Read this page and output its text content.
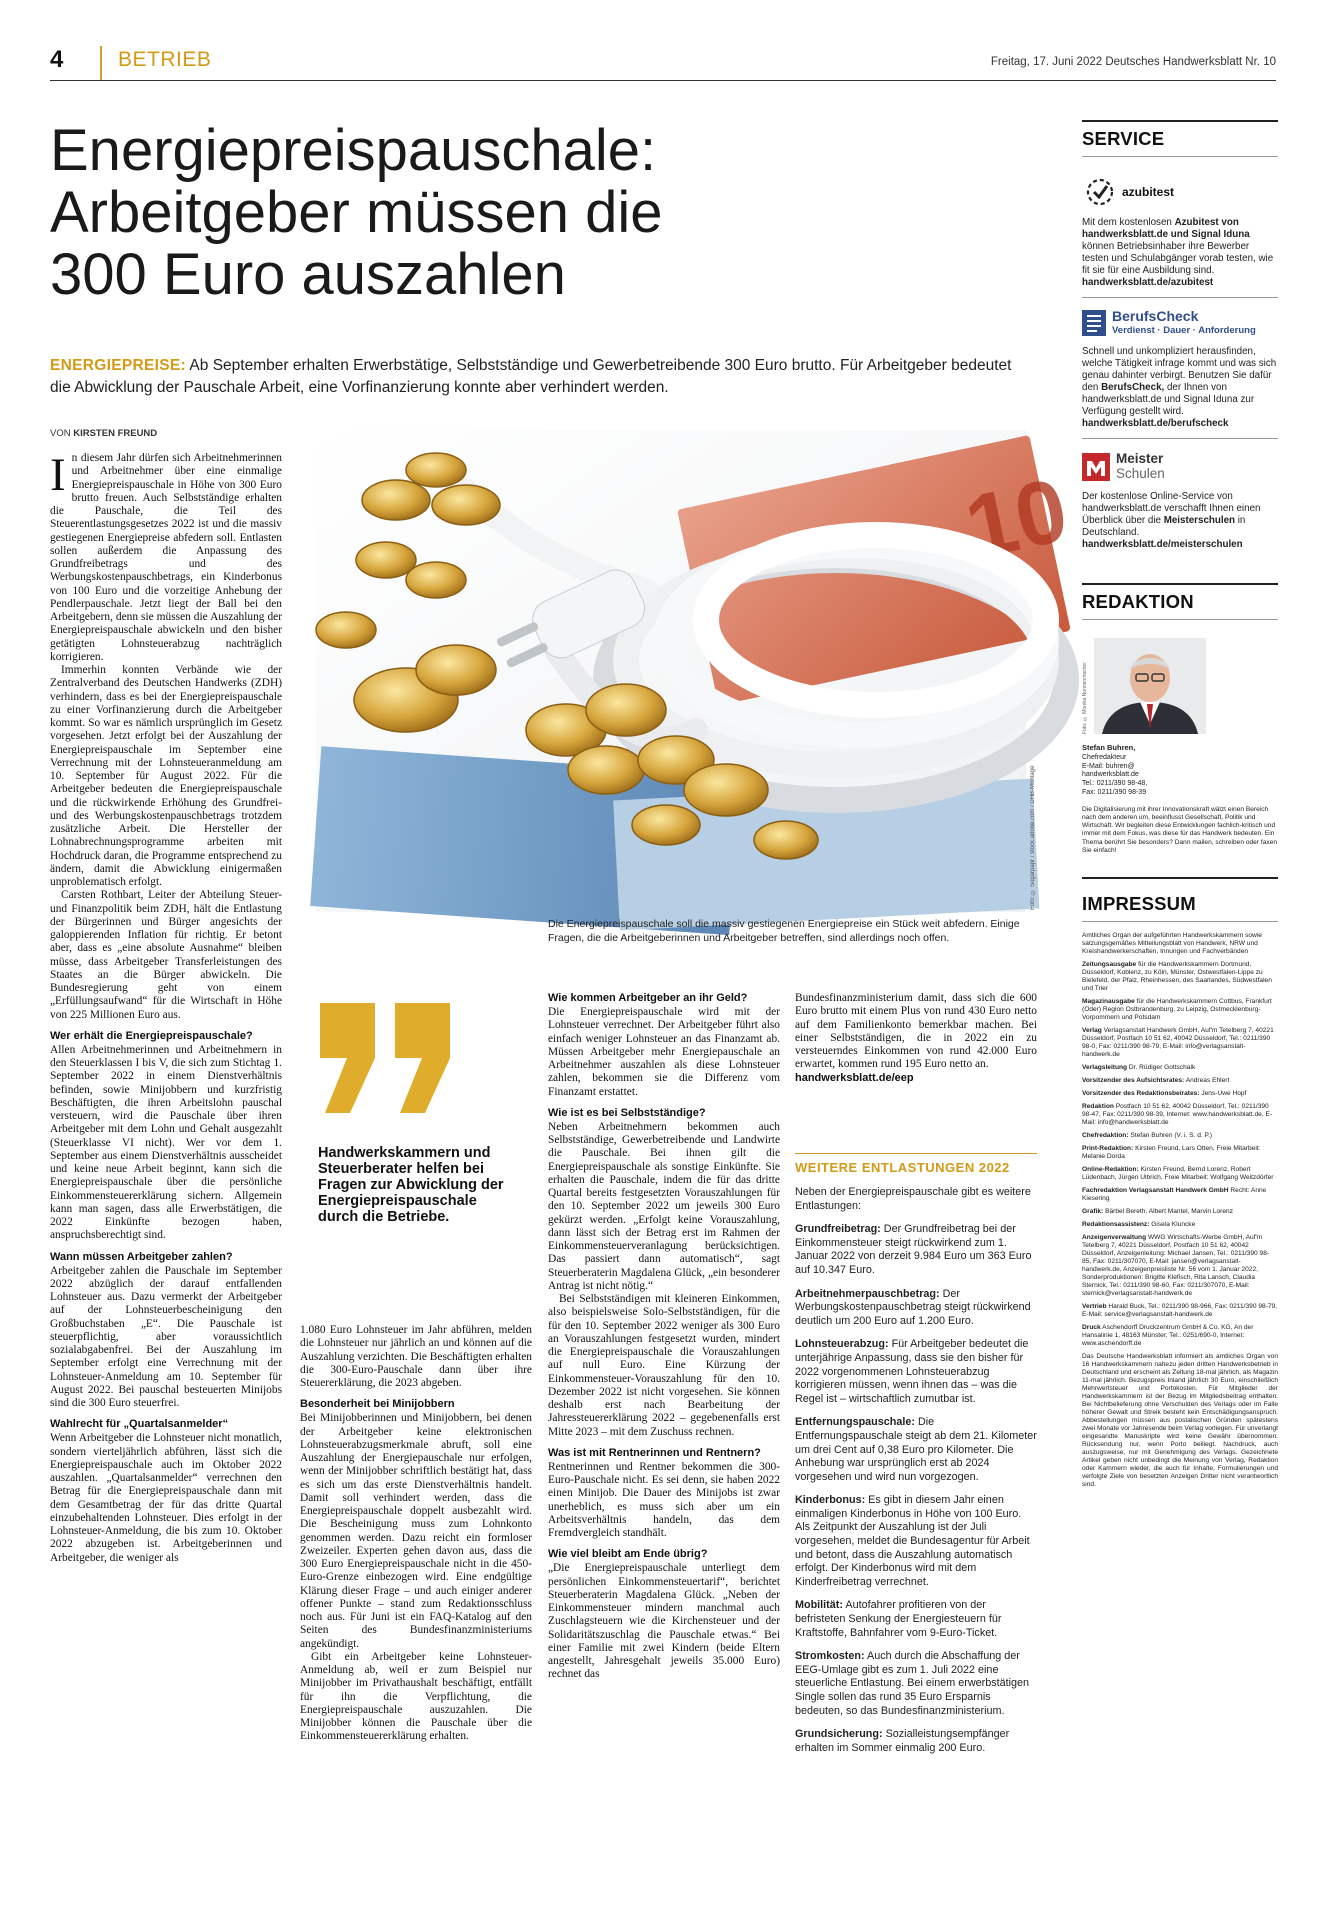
4	BETRIEB	Freitag, 17. Juni 2022 Deutsches Handwerksblatt Nr. 10
Energiepreispauschale:
Arbeitgeber müssen die
300 Euro auszahlen
ENERGIEPREISE: Ab September erhalten Erwerbstätige, Selbstständige und Gewerbetreibende 300 Euro brutto. Für Arbeitgeber bedeutet die Abwicklung der Pauschale Arbeit, eine Vorfinanzierung konnte aber verhindert werden.
VON KIRSTEN FREUND

In diesem Jahr dürfen sich Arbeitnehmerinnen und Arbeitnehmer über eine einmalige Energiepreispauschale in Höhe von 300 Euro brutto freuen. Auch Selbstständige erhalten die Pauschale, die Teil des Steuerentlastungsgesetzes 2022 ist und die massiv gestiegenen Energiepreise abfedern soll. Entlasten sollen außerdem die Anpassung des Grundfreibetrags und des Werbungskostenpauschbetrags, ein Kinderbonus von 100 Euro und die vorzeitige Anhebung der Pendlerpauschale. Jetzt liegt der Ball bei den Arbeitgebern, denn sie müssen die Auszahlung der Energiepreispauschale abwickeln und den bisher getätigten Lohnsteuerabzug nachträglich korrigieren.

Immerhin konnten Verbände wie der Zentralverband des Deutschen Handwerks (ZDH) verhindern, dass es bei der Energiepreispauschale zu einer Vorfinanzierung durch die Arbeitgeber kommt. So war es nämlich ursprünglich im Gesetz vorgesehen. Jetzt erfolgt bei der Auszahlung der Energiepreispauschale im September eine Verrechnung mit der Lohnsteueranmeldung am 10. September für August 2022. Für die Arbeitgeber bedeuten die Energiepreispauschale und die rückwirkende Erhöhung des Grundfrei- und des Werbungskostenpauschbetrags trotzdem zusätzliche Arbeit. Die Hersteller der Lohnabrechnungsprogramme arbeiten mit Hochdruck daran, die Programme entsprechend zu ändern, damit die Abwicklung einigermaßen unproblematisch erfolgt.

Carsten Rothbart, Leiter der Abteilung Steuer- und Finanzpolitik beim ZDH, hält die Entlastung der Bürgerinnen und Bürger angesichts der galoppierenden Inflation für richtig. Er betont aber, dass es „eine absolute Ausnahme“ bleiben müsse, dass Arbeitgeber Transferleistungen des Staates an die Bürger abwickeln. Die Bundesregierung geht von einem „Erfüllungsaufwand“ für die Wirtschaft in Höhe von 225 Millionen Euro aus.

Wer erhält die Energiepreispauschale?

Allen Arbeitnehmerinnen und Arbeitnehmern in den Steuerklassen I bis V, die sich zum Stichtag 1. September 2022 in einem Dienstverhältnis befinden, sowie Minijobbern und kurzfristig Beschäftigten, die ihren Arbeitslohn pauschal versteuern, wird die Pauschale über ihren Arbeitgeber mit dem Lohn und Gehalt ausgezahlt (Steuerklasse VI nicht). Wer vor dem 1. September aus einem Dienstverhältnis ausscheidet und keine neue Arbeit beginnt, kann sich die Energiepreispauschale über die persönliche Einkommensteuererklärung sichern. Allgemein kann man sagen, dass alle Erwerbstätigen, die 2022 Einkünfte bezogen haben, anspruchsberechtigt sind.

Wann müssen Arbeitgeber zahlen?

Arbeitgeber zahlen die Pauschale im September 2022 abzüglich der darauf entfallenden Lohnsteuer aus. Dazu vermerkt der Arbeitgeber auf der Lohnsteuerbescheinigung den Großbuchstaben „E“. Die Pauschale ist steuerpflichtig, aber voraussichtlich sozialabgabenfrei. Bei der Auszahlung im September erfolgt eine Verrechnung mit der Lohnsteuer-Anmeldung am 10. September für August 2022. Bei pauschal besteuerten Minijobs sind die 300 Euro steuerfrei.

Wahlrecht für „Quartalsanmelder“

Wenn Arbeitgeber die Lohnsteuer nicht monatlich, sondern vierteljährlich abführen, lässt sich die Energiepreispauschale auch im Oktober 2022 auszahlen. „Quartalsanmelder“ verrechnen den Betrag für die Energiepreispauschale dann mit dem Gesamtbetrag der für das dritte Quartal einzubehaltenden Lohnsteuer. Dies erfolgt in der Lohnsteuer-Anmeldung, die bis zum 10. Oktober 2022 abzugeben ist. Arbeitgeberinnen und Arbeitgeber, die weniger als

10
EYPΩ EURO
Foto: © Sugarpapr / stock.adobe.com / DHB-Montage
Die Energiepreispauschale soll die massiv gestiegenen Energiepreise ein Stück weit abfedern. Einige Fragen, die die Arbeitgeberinnen und Arbeitgeber betreffen, sind allerdings noch offen.
Handwerkskammern und Steuerberater helfen bei Fragen zur Abwicklung der Energiepreispauschale durch die Betriebe.

1.080 Euro Lohnsteuer im Jahr abführen, melden die Lohnsteuer nur jährlich an und können auf die Auszahlung verzichten. Die Beschäftigten erhalten die 300-Euro-Pauschale dann über ihre Steuererklärung, die 2023 abgeben.

Besonderheit bei Minijobbern

Bei Minijobberinnen und Minijobbern, bei denen der Arbeitgeber keine elektronischen Lohnsteuerabzugsmerkmale abruft, soll eine Auszahlung der Energiepauschale nur erfolgen, wenn der Minijobber schriftlich bestätigt hat, dass es sich um das erste Dienstverhältnis handelt. Damit soll verhindert werden, dass die Energiepreispauschale doppelt ausbezahlt wird. Die Bescheinigung muss zum Lohnkonto genommen werden. Dazu reicht ein formloser Zweizeiler. Experten gehen davon aus, dass die 300 Euro Energiepreispauschale nicht in die 450-Euro-Grenze einbezogen wird. Eine endgültige Klärung dieser Frage – und auch einiger anderer offener Punkte – stand zum Redaktionsschluss noch aus. Für Juni ist ein FAQ-Katalog auf den Seiten des Bundesfinanzministeriums angekündigt.

Gibt ein Arbeitgeber keine Lohnsteuer-Anmeldung ab, weil er zum Beispiel nur Minijobber im Privathaushalt beschäftigt, entfällt für ihn die Verpflichtung, die Energiepreispauschale auszuzahlen. Die Minijobber können die Pauschale über die Einkommensteuererklärung erhalten.

Wie kommen Arbeitgeber an ihr Geld?

Die Energiepreispauschale wird mit der Lohnsteuer verrechnet. Der Arbeitgeber führt also einfach weniger Lohnsteuer an das Finanzamt ab. Müssen Arbeitgeber mehr Energiepauschale an Arbeitnehmer auszahlen als diese Lohnsteuer zahlen, bekommen sie die Differenz vom Finanzamt erstattet.

Wie ist es bei Selbstständige?

Neben Arbeitnehmern bekommen auch Selbstständige, Gewerbetreibende und Landwirte die Pauschale. Bei ihnen gilt die Energiepreispauschale als sonstige Einkünfte. Sie erhalten die Pauschale, indem die für das dritte Quartal bereits festgesetzten Vorauszahlungen für den 10. September 2022 um jeweils 300 Euro gekürzt werden. „Erfolgt keine Vorauszahlung, dann lässt sich der Betrag erst im Rahmen der Einkommensteuerveranlagung berücksichtigen. Das passiert dann automatisch“, sagt Steuerberaterin Magdalena Glück, „ein besonderer Antrag ist nicht nötig.“

Bei Selbstständigen mit kleineren Einkommen, also beispielsweise Solo-Selbstständigen, für die für den 10. September 2022 weniger als 300 Euro an Vorauszahlungen festgesetzt wurden, mindert die Energiepreispauschale die Vorauszahlungen auf null Euro. Eine Kürzung der Einkommensteuer-Vorauszahlung für den 10. Dezember 2022 ist nicht vorgesehen. Sie können deshalb erst nach Bearbeitung der Jahressteuererklärung 2022 – gegebenenfalls erst Mitte 2023 – mit dem Zuschuss rechnen.

Was ist mit Rentnerinnen und Rentnern?

Rentnerinnen und Rentner bekommen die 300-Euro-Pauschale nicht. Es sei denn, sie haben 2022 einen Minijob. Die Dauer des Minijobs ist zwar unerheblich, es muss sich aber um ein Arbeitsverhältnis handeln, das dem Fremdvergleich standhält.

Wie viel bleibt am Ende übrig?

„Die Energiepreispauschale unterliegt dem persönlichen Einkommensteuertarif“, berichtet Steuerberaterin Magdalena Glück. „Neben der Einkommensteuer mindern manchmal auch Zuschlagsteuern wie die Kirchensteuer und der Solidaritätszuschlag die Pauschale etwas.“ Bei einer Familie mit zwei Kindern (beide Eltern angestellt, Jahresgehalt jeweils 35.000 Euro) rechnet das

Bundesfinanzministerium damit, dass sich die 600 Euro brutto mit einem Plus von rund 430 Euro netto auf dem Familienkonto bemerkbar machen. Bei einer Selbstständigen, die in 2022 ein zu versteuerndes Einkommen von rund 42.000 Euro erwartet, kommen rund 195 Euro netto an.

handwerksblatt.de/eep

WEITERE ENTLASTUNGEN 2022

Neben der Energiepreispauschale gibt es weitere Entlastungen:

Grundfreibetrag: Der Grundfreibetrag bei der Einkommensteuer steigt rückwirkend zum 1. Januar 2022 von derzeit 9.984 Euro um 363 Euro auf 10.347 Euro.

Arbeitnehmerpauschbetrag: Der Werbungskostenpauschbetrag steigt rückwirkend deutlich um 200 Euro auf 1.200 Euro.

Lohnsteuerabzug: Für Arbeitgeber bedeutet die unterjährige Anpassung, dass sie den bisher für 2022 vorgenommenen Lohnsteuerabzug korrigieren müssen, wenn ihnen das – was die Regel ist – wirtschaftlich zumutbar ist.

Entfernungspauschale: Die Entfernungspauschale steigt ab dem 21. Kilometer um drei Cent auf 0,38 Euro pro Kilometer. Die Anhebung war ursprünglich erst ab 2024 vorgesehen und wird nun vorgezogen.

Kinderbonus: Es gibt in diesem Jahr einen einmaligen Kinderbonus in Höhe von 100 Euro. Als Zeitpunkt der Auszahlung ist der Juli vorgesehen, meldet die Bundesagentur für Arbeit und betont, dass die Auszahlung automatisch erfolgt. Der Kinderbonus wird mit dem Kinderfreibetrag verrechnet.

Mobilität: Autofahrer profitieren von der befristeten Senkung der Energiesteuern für Kraftstoffe, Bahnfahrer vom 9-Euro-Ticket.

Stromkosten: Auch durch die Abschaffung der EEG-Umlage gibt es zum 1. Juli 2022 eine steuerliche Entlastung. Bei einem erwerbstätigen Single sollen das rund 35 Euro Ersparnis bedeuten, so das Bundesfinanzministerium.

Grundsicherung: Sozialleistungsempfänger erhalten im Sommer einmalig 200 Euro.

SERVICE
azubitest
Mit dem kostenlosen Azubitest von handwerksblatt.de und Signal Iduna können Betriebsinhaber ihre Bewerber testen und Schulabgänger vorab testen, wie fit sie für eine Ausbildung sind.
handwerksblatt.de/azubitest
BerufsCheck
Verdienst · Dauer · Anforderung
Schnell und unkompliziert herausfinden, welche Tätigkeit infrage kommt und was sich genau dahinter verbirgt. Benutzen Sie dafür den BerufsCheck, der Ihnen von handwerksblatt.de und Signal Iduna zur Verfügung gestellt wird.
handwerksblatt.de/berufscheck
Meister
Schulen
Der kostenlose Online-Service von handwerksblatt.de verschafft Ihnen einen Überblick über die Meisterschulen in Deutschland.
handwerksblatt.de/meisterschulen
REDAKTION
Foto: © Monika Nonnenmacher
Stefan Buhren,
Chefredakteur
E-Mail: buhren@
handwerksblatt.de
Tel.: 0211/390 98-48,
Fax: 0211/390 98-39
Die Digitalisierung mit ihrer Innovationskraft wälzt einen Bereich nach dem anderen um, beeinflusst Gesellschaft, Politik und Wirtschaft. Wir begleiten diese Entwicklungen fachlich-kritisch und immer mit dem Fokus, was diese für das Handwerk bedeuten. Ein Thema berührt Sie besonders? Dann mailen, schreiben oder faxen Sie einfach!
IMPRESSUM

Amtliches Organ der aufgeführten Handwerkskammern sowie satzungsgemäßes Mitteilungsblatt von Handwerk, NRW und Kreishandwerkerschaften, Innungen und Fachverbänden

Zeitungsausgabe für die Handwerkskammern Dortmund, Düsseldorf, Koblenz, zu Köln, Münster, Ostwestfalen-Lippe zu Bielefeld, der Pfalz, Rheinhessen, des Saarlandes, Südwestfalen und Trier

Magazinausgabe für die Handwerkskammern Cottbus, Frankfurt (Oder) Region Ostbrandenburg, zu Leipzig, Ostmecklenburg-Vorpommern und Potsdam

Verlag Verlagsanstalt Handwerk GmbH, Auf'm Tetelberg 7, 40221 Düsseldorf, Postfach 10 51 62, 40042 Düsseldorf, Tel.: 0211/390 98-0, Fax: 0211/390 98-79, E-Mail: info@verlagsanstalt-handwerk.de

Verlagsleitung Dr. Rüdiger Gottschalk

Vorsitzender des Aufsichtsrates: Andreas Ehlert

Vorsitzender des Redaktionsbeirates: Jens-Uwe Hopf

Redaktion Postfach 10 51 62, 40042 Düsseldorf, Tel.: 0211/390 98-47, Fax: 0211/390 98-39, Internet: www.handwerksblatt.de, E-Mail: info@handwerksblatt.de

Chefredaktion: Stefan Buhren (V. i. S. d. P.)

Print-Redaktion: Kirsten Freund, Lars Otten, Freie Mitarbeit: Melanie Dorda

Online-Redaktion: Kirsten Freund, Bernd Lorenz, Robert Lüdenbach, Jürgen Ulbrich, Freie Mitarbeit: Wolfgang Weitzdörfer

Fachredaktion Verlagsanstalt Handwerk GmbH Recht: Anne Kiesering

Grafik: Bärbel Bereth, Albert Mantel, Marvin Lorenz

Redaktionsassistenz: Gisela Kluncke

Anzeigenverwaltung WWG Wirtschafts-Werbe GmbH, Auf'm Tetelberg 7, 40221 Düsseldorf, Postfach 10 51 62, 40042 Düsseldorf, Anzeigenleitung: Michael Jansen, Tel.: 0211/390 98-85, Fax: 0211/307070, E-Mail: jansen@verlagsanstalt-handwerk.de, Anzeigenpreisliste Nr. 56 vom 1. Januar 2022, Sonderproduktionen: Brigitte Klefisch, Rita Lansch, Claudia Sternick, Tel.: 0211/390 98-60, Fax: 0211/307070, E-Mail: sternick@verlagsanstalt-handwerk.de

Vertrieb Harald Buck, Tel.: 0211/390 98-966, Fax: 0211/390 98-79, E-Mail: service@verlagsanstalt-handwerk.de

Druck Aschendorff Druckzentrum GmbH & Co. KG, An der Hansalinie 1, 48163 Münster, Tel.: 0251/690-0, Internet: www.aschendorff.de

Das Deutsche Handwerksblatt informiert als amtliches Organ von 16 Handwerkskammern nahezu jeden dritten Handwerksbetrieb in Deutschland und erscheint als Zeitung 18-mal jährlich, als Magazin 11-mal jährlich. Bezugspreis Inland jährlich 30 Euro, einschließlich Mehrwertsteuer und Portokosten. Für Mitglieder der Handwerkskammern ist der Bezug im Mitgliedsbeitrag enthalten. Bei Nichtbelieferung ohne Verschulden des Verlags oder im Falle höherer Gewalt und Streik besteht kein Entschädigungsanspruch. Abbestellungen müssen aus postalischen Gründen spätestens zwei Monate vor Jahresende beim Verlag vorliegen. Für unverlangt eingesandte Manuskripte wird keine Gewähr übernommen. Rücksendung nur, wenn Porto beiliegt. Nachdruck, auch auszugsweise, nur mit Genehmigung des Verlags. Gezeichnete Artikel geben nicht unbedingt die Meinung von Verlag, Redaktion oder Kammern wieder, die auch für Inhalte, Formulierungen und verfolgte Ziele von besetzten Anzeigen Dritter nicht verantwortlich sind.
